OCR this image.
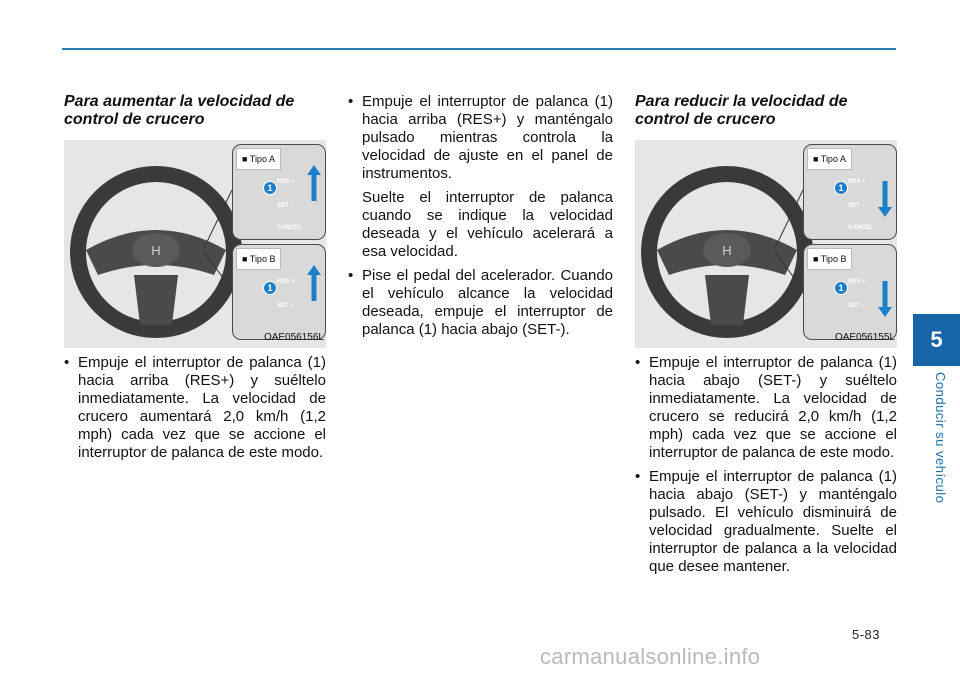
5
Conducir su vehículo
5-83
carmanualsonline.info
Para aumentar la velocidad de control de crucero
H
■ Tipo A
RES +
SET −
CANCEL
1
■ Tipo B
RES +
SET −
1
OAE056156L
• Empuje el interruptor de palanca (1) hacia arriba (RES+) y suéltelo inmediatamente. La velocidad de crucero aumentará 2,0 km/h (1,2 mph) cada vez que se accione el interruptor de palanca de este modo.
• Empuje el interruptor de palanca (1) hacia arriba (RES+) y manténgalo pulsado mientras controla la velocidad de ajuste en el panel de instrumentos.
Suelte el interruptor de palanca cuando se indique la velocidad deseada y el vehículo acelerará a esa velocidad.
• Pise el pedal del acelerador. Cuando el vehículo alcance la velocidad deseada, empuje el interruptor de palanca (1) hacia abajo (SET-).
Para reducir la velocidad de control de crucero
H
■ Tipo A
RES +
SET −
CANCEL
1
■ Tipo B
RES +
SET −
1
OAE056155L
• Empuje el interruptor de palanca (1) hacia abajo (SET-) y suéltelo inmediatamente. La velocidad de crucero se reducirá 2,0 km/h (1,2 mph) cada vez que se accione el interruptor de palanca de este modo.
• Empuje el interruptor de palanca (1) hacia abajo (SET-) y manténgalo pulsado. El vehículo disminuirá de velocidad gradualmente. Suelte el interruptor de palanca a la velocidad que desee mantener.
